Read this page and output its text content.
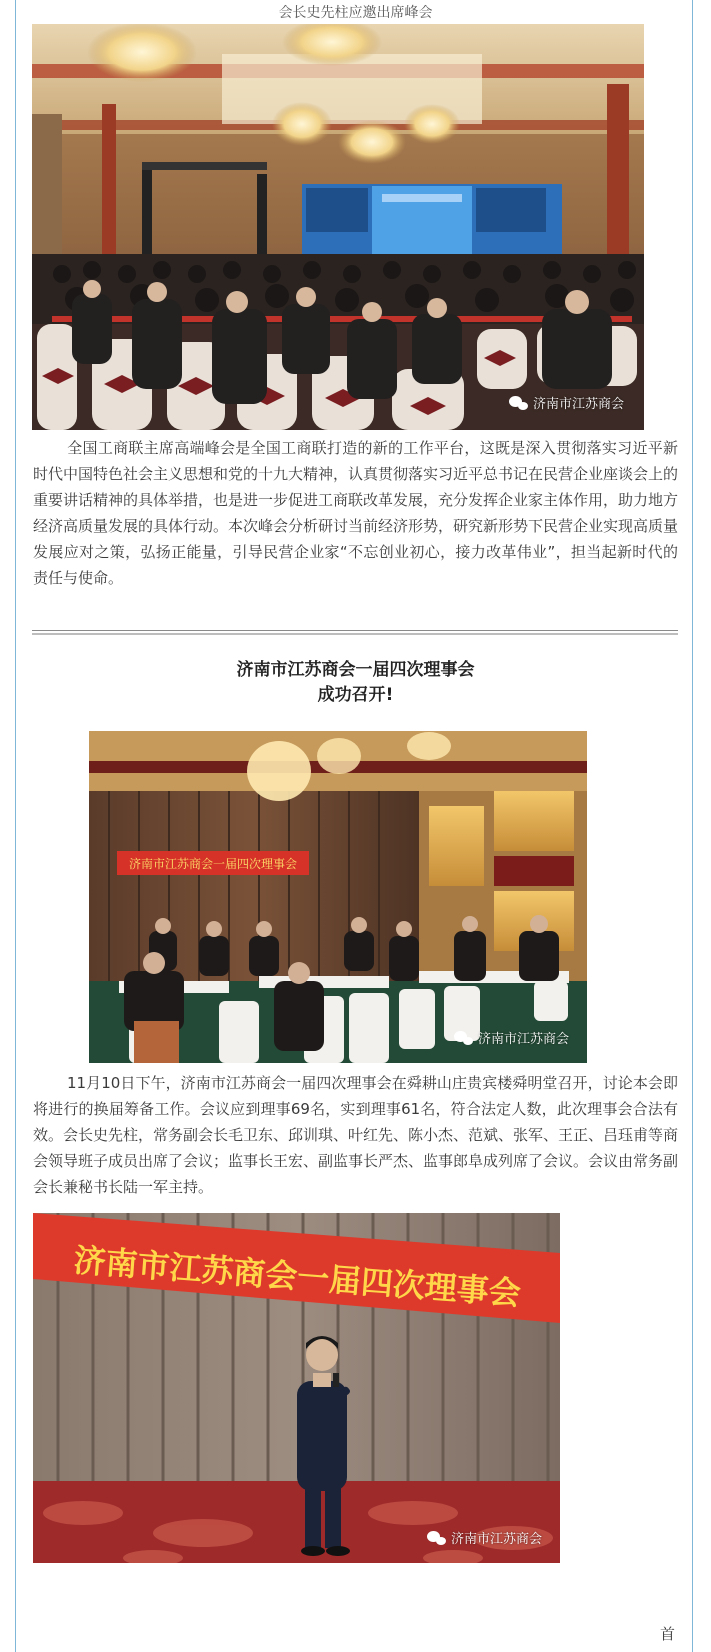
会长史先柱应邀出席峰会
济南市江苏商会

全国工商联主席高端峰会是全国工商联打造的新的工作平台，这既是深入贯彻落实习近平新时代中国特色社会主义思想和党的十九大精神，认真贯彻落实习近平总书记在民营企业座谈会上的重要讲话精神的具体举措，也是进一步促进工商联改革发展，充分发挥企业家主体作用，助力地方经济高质量发展的具体行动。本次峰会分析研讨当前经济形势，研究新形势下民营企业实现高质量发展应对之策，弘扬正能量，引导民营企业家“不忘创业初心，接力改革伟业”，担当起新时代的责任与使命。

济南市江苏商会一届四次理事会
成功召开!
济南市江苏商会一届四次理事会
济南市江苏商会

11月10日下午，济南市江苏商会一届四次理事会在舜耕山庄贵宾楼舜明堂召开，讨论本会即将进行的换届筹备工作。会议应到理事69名，实到理事61名，符合法定人数，此次理事会合法有效。会长史先柱，常务副会长毛卫东、邱训琪、叶红先、陈小杰、范斌、张军、王正、吕珏甫等商会领导班子成员出席了会议；监事长王宏、副监事长严杰、监事郎阜成列席了会议。会议由常务副会长兼秘书长陆一军主持。

济南市江苏商会一届四次理事会
济南市江苏商会
首
